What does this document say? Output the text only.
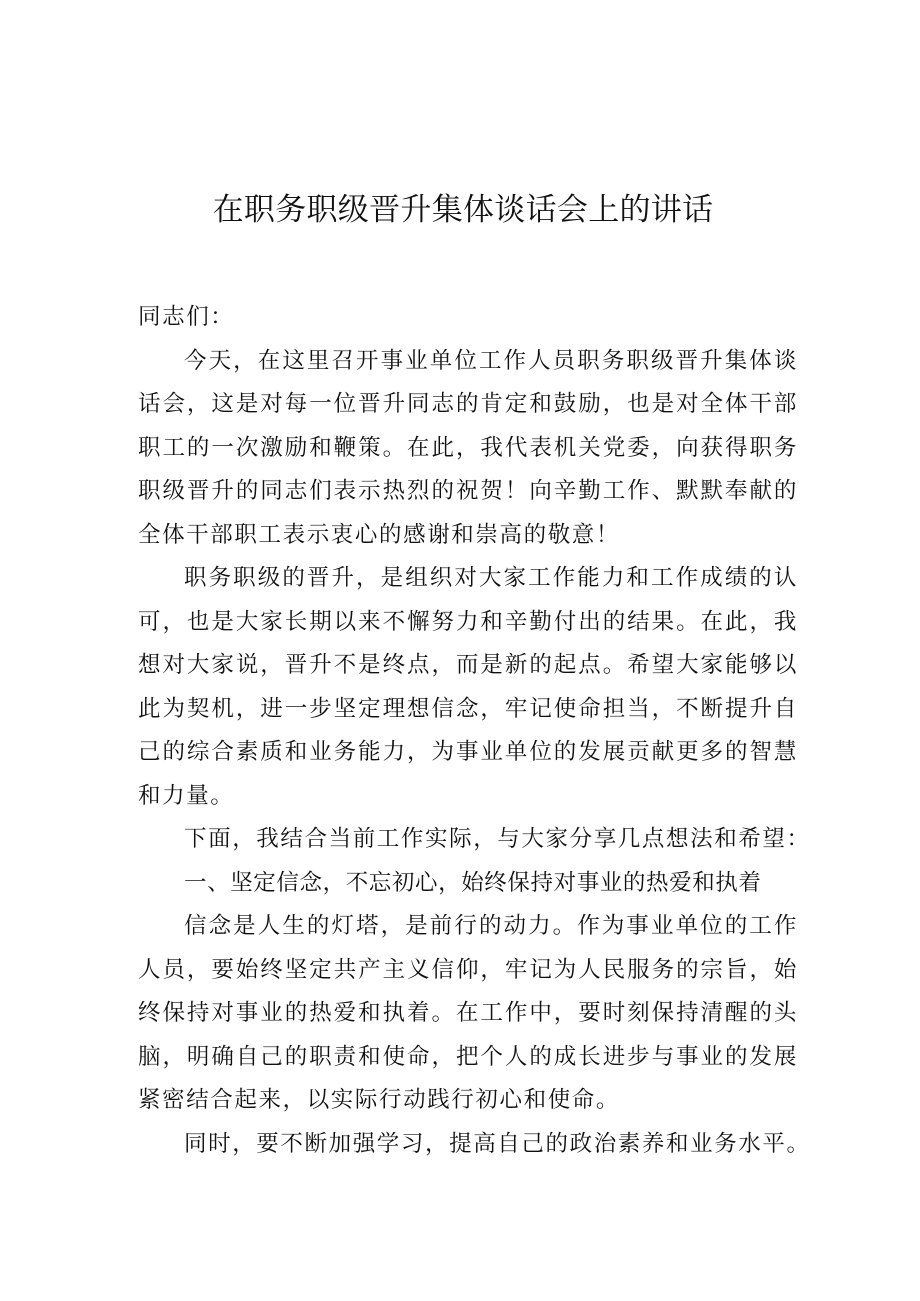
在职务职级晋升集体谈话会上的讲话

同志们：

今天，在这里召开事业单位工作人员职务职级晋升集体谈话会，这是对每一位晋升同志的肯定和鼓励，也是对全体干部职工的一次激励和鞭策。在此，我代表机关党委，向获得职务职级晋升的同志们表示热烈的祝贺！向辛勤工作、默默奉献的全体干部职工表示衷心的感谢和崇高的敬意！

职务职级的晋升，是组织对大家工作能力和工作成绩的认可，也是大家长期以来不懈努力和辛勤付出的结果。在此，我想对大家说，晋升不是终点，而是新的起点。希望大家能够以此为契机，进一步坚定理想信念，牢记使命担当，不断提升自己的综合素质和业务能力，为事业单位的发展贡献更多的智慧和力量。

下面，我结合当前工作实际，与大家分享几点想法和希望：

一、坚定信念，不忘初心，始终保持对事业的热爱和执着

信念是人生的灯塔，是前行的动力。作为事业单位的工作人员，要始终坚定共产主义信仰，牢记为人民服务的宗旨，始终保持对事业的热爱和执着。在工作中，要时刻保持清醒的头脑，明确自己的职责和使命，把个人的成长进步与事业的发展紧密结合起来，以实际行动践行初心和使命。

同时，要不断加强学习，提高自己的政治素养和业务水平。
